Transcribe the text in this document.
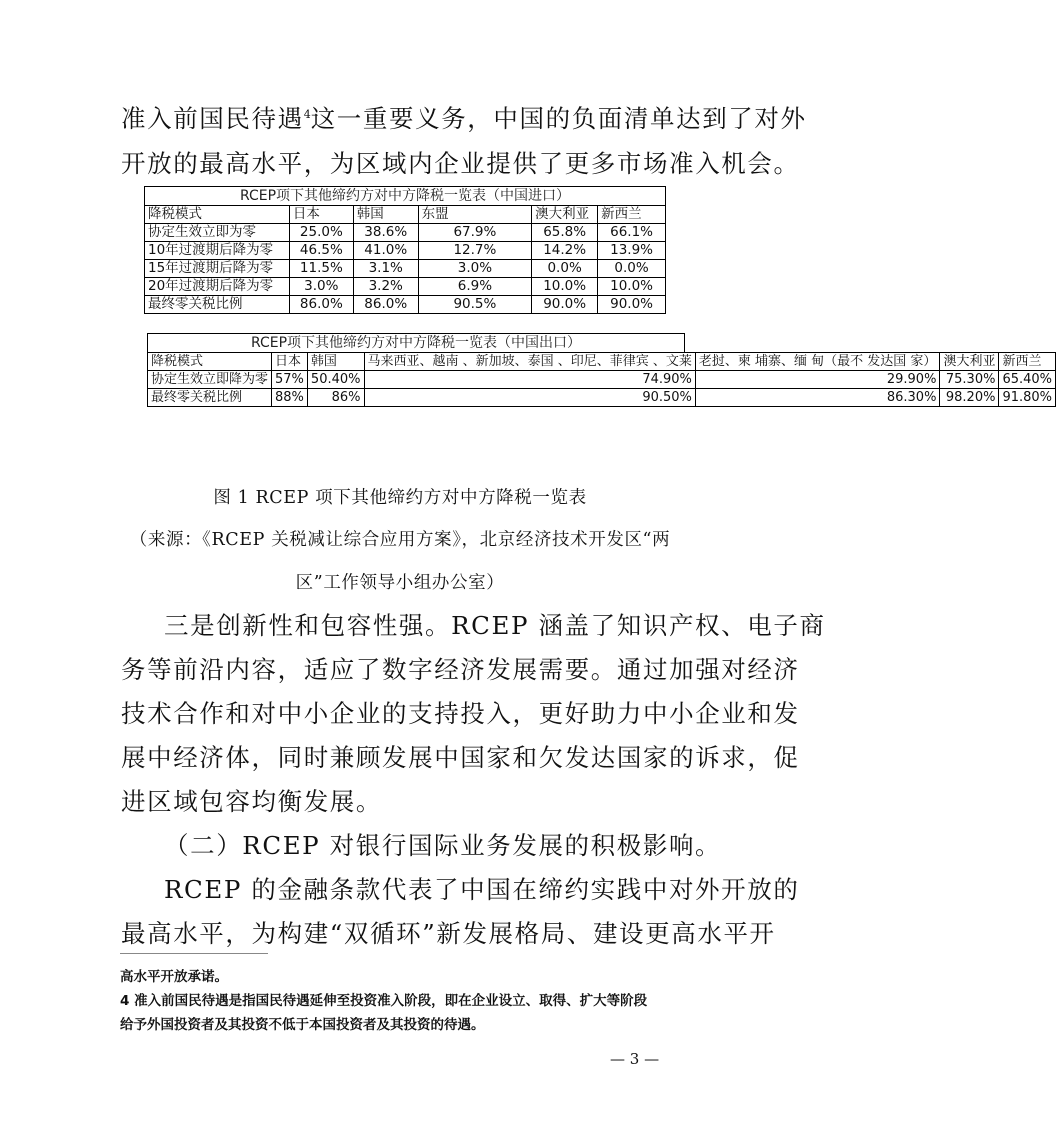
准入前国民待遇$^4$这一重要义务，中国的负面清单达到了对外
开放的最高水平，为区域内企业提供了更多市场准入机会。
RCEP项下其他缔约方对中方降税一览表（中国进口）
降税模式	日本	韩国	东盟	澳大利亚	新西兰
协定生效立即为零	25.0%	38.6%	67.9%	65.8%	66.1%
10年过渡期后降为零	46.5%	41.0%	12.7%	14.2%	13.9%
15年过渡期后降为零	11.5%	3.1%	3.0%	0.0%	0.0%
20年过渡期后降为零	3.0%	3.2%	6.9%	10.0%	10.0%
最终零关税比例	86.0%	86.0%	90.5%	90.0%	90.0%
RCEP项下其他缔约方对中方降税一览表（中国出口）
降税模式	日本	韩国	马来西亚、越南 、新加坡、泰国 、印尼、菲律宾 、文莱	老挝、柬 埔寨、缅 甸（最不 发达国 家）	澳大利亚	新西兰
协定生效立即降为零	57%	50.40%	74.90%	29.90%	75.30%	65.40%
最终零关税比例	88%	86%	90.50%	86.30%	98.20%	91.80%
图 1 RCEP 项下其他缔约方对中方降税一览表
（来源：《RCEP 关税减让综合应用方案》，北京经济技术开发区“两
区”工作领导小组办公室）
三是创新性和包容性强。RCEP 涵盖了知识产权、电子商
务等前沿内容，适应了数字经济发展需要。通过加强对经济
技术合作和对中小企业的支持投入，更好助力中小企业和发
展中经济体，同时兼顾发展中国家和欠发达国家的诉求，促
进区域包容均衡发展。
（二）RCEP 对银行国际业务发展的积极影响。
RCEP 的金融条款代表了中国在缔约实践中对外开放的
最高水平，为构建“双循环”新发展格局、建设更高水平开
高水平开放承诺。
4 准入前国民待遇是指国民待遇延伸至投资准入阶段，即在企业设立、取得、扩大等阶段
给予外国投资者及其投资不低于本国投资者及其投资的待遇。
— 3 —
